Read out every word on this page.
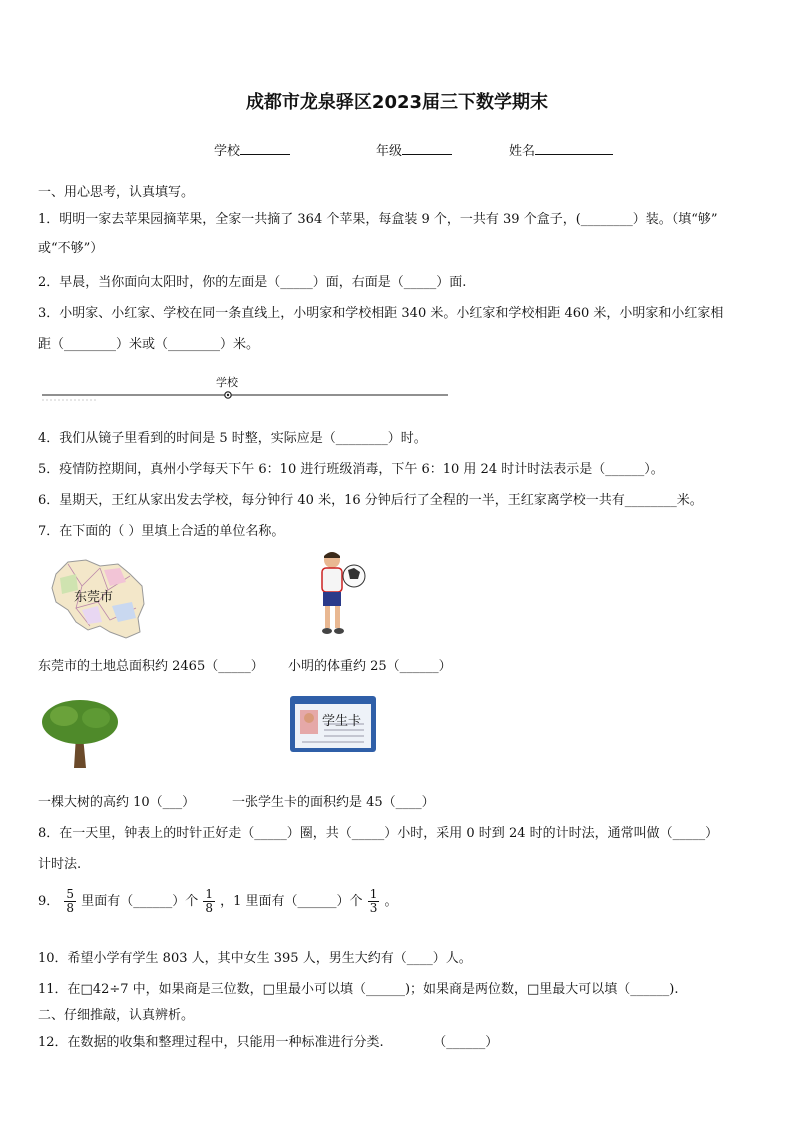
成都市龙泉驿区2023届三下数学期末
学校	年级	姓名
一、用心思考，认真填写。
1．明明一家去苹果园摘苹果，全家一共摘了 364 个苹果，每盒装 9 个，一共有 39 个盒子，(________）装。（填“够”
或“不够”）
2．早晨，当你面向太阳时，你的左面是（_____）面，右面是（_____）面.
3．小明家、小红家、学校在同一条直线上，小明家和学校相距 340 米。小红家和学校相距 460 米，小明家和小红家相
距（________）米或（________）米。
学校
4．我们从镜子里看到的时间是 5 时整，实际应是（________）时。
5．疫情防控期间，真州小学每天下午 6：10 进行班级消毒，下午 6：10 用 24 时计时法表示是（______）。
6．星期天，王红从家出发去学校，每分钟行 40 米，16 分钟后行了全程的一半，王红家离学校一共有________米。
7．在下面的（ ）里填上合适的单位名称。
东莞市
东莞市的土地总面积约 2465（_____） 小明的体重约 25（______）
学生卡
一棵大树的高约 10（___）	一张学生卡的面积约是 45（____）
8．在一天里，钟表上的时针正好走（_____）圈，共（_____）小时，采用 0 时到 24 时的计时法，通常叫做（_____）
计时法.
9． $\frac{5}{8}$ 里面有（______）个 $\frac{1}{8}$ ，1 里面有（______）个 $\frac{1}{3}$ 。
10．希望小学有学生 803 人，其中女生 395 人，男生大约有（____）人。
11．在□42÷7 中，如果商是三位数，□里最小可以填（______)；如果商是两位数，□里最大可以填（______).
二、仔细推敲，认真辨析。
12．在数据的收集和整理过程中，只能用一种标准进行分类.            （______）
